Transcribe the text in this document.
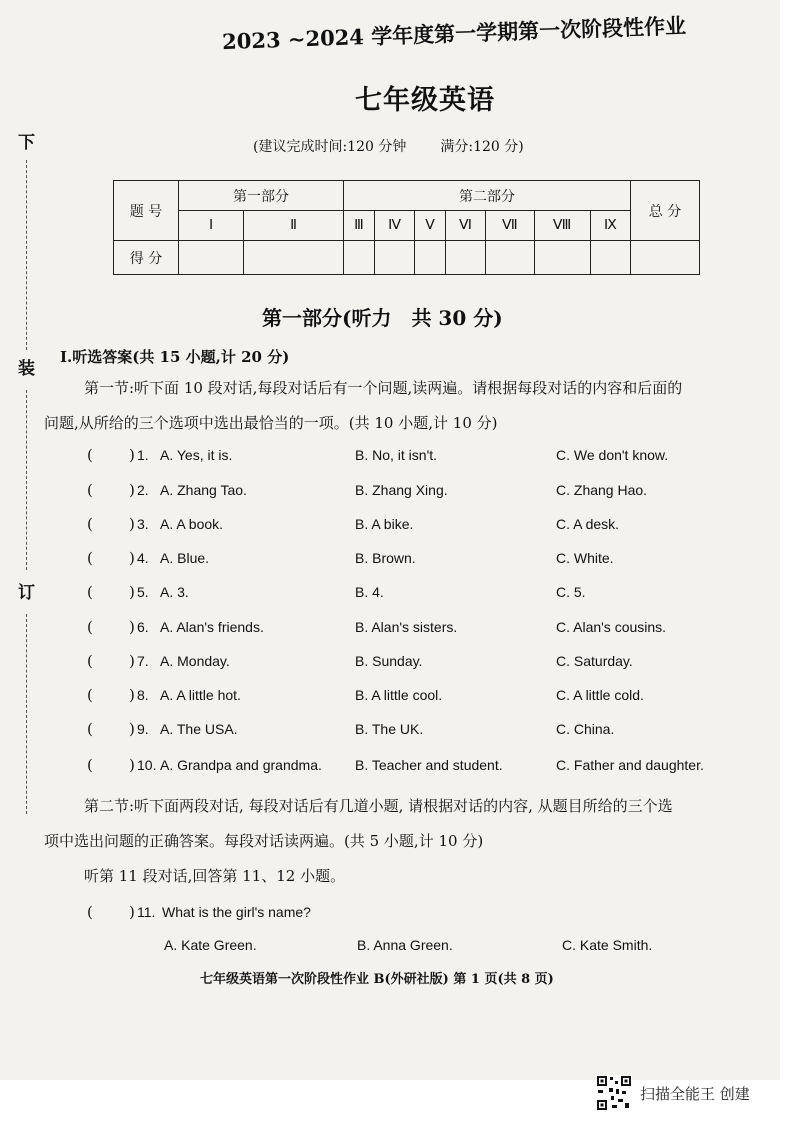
下
装
订
2023 ~2024 学年度第一学期第一次阶段性作业
七年级英语
(建议完成时间:120 分钟 满分:120 分)
题 号	第一部分		第二部分							总 分
	Ⅰ	Ⅱ	Ⅲ	Ⅳ	Ⅴ	Ⅵ	Ⅶ	Ⅷ	Ⅸ	
得 分										
第一部分(听力　共 30 分)
Ⅰ.听选答案(共 15 小题,计 20 分)
第一节:听下面 10 段对话,每段对话后有一个问题,读两遍。请根据每段对话的内容和后面的
问题,从所给的三个选项中选出最恰当的一项。(共 10 小题,计 10 分)
( ) 1. A. Yes, it is.	B. No, it isn't.	C. We don't know.
( ) 2. A. Zhang Tao.	B. Zhang Xing.	C. Zhang Hao.
( ) 3. A. A book.	B. A bike.	C. A desk.
( ) 4. A. Blue.	B. Brown.	C. White.
( ) 5. A. 3.	B. 4.	C. 5.
( ) 6. A. Alan's friends.	B. Alan's sisters.	C. Alan's cousins.
( ) 7. A. Monday.	B. Sunday.	C. Saturday.
( ) 8. A. A little hot.	B. A little cool.	C. A little cold.
( ) 9. A. The USA.	B. The UK.	C. China.
( ) 10. A. Grandpa and grandma. B. Teacher and student.	C. Father and daughter.
第二节:听下面两段对话, 每段对话后有几道小题, 请根据对话的内容, 从题目所给的三个选
项中选出问题的正确答案。每段对话读两遍。(共 5 小题,计 10 分)
听第 11 段对话,回答第 11、12 小题。
( ) 11. What is the girl's name?
A. Kate Green.	B. Anna Green.	C. Kate Smith.
七年级英语第一次阶段性作业 B(外研社版) 第 1 页(共 8 页)
扫描全能王 创建
